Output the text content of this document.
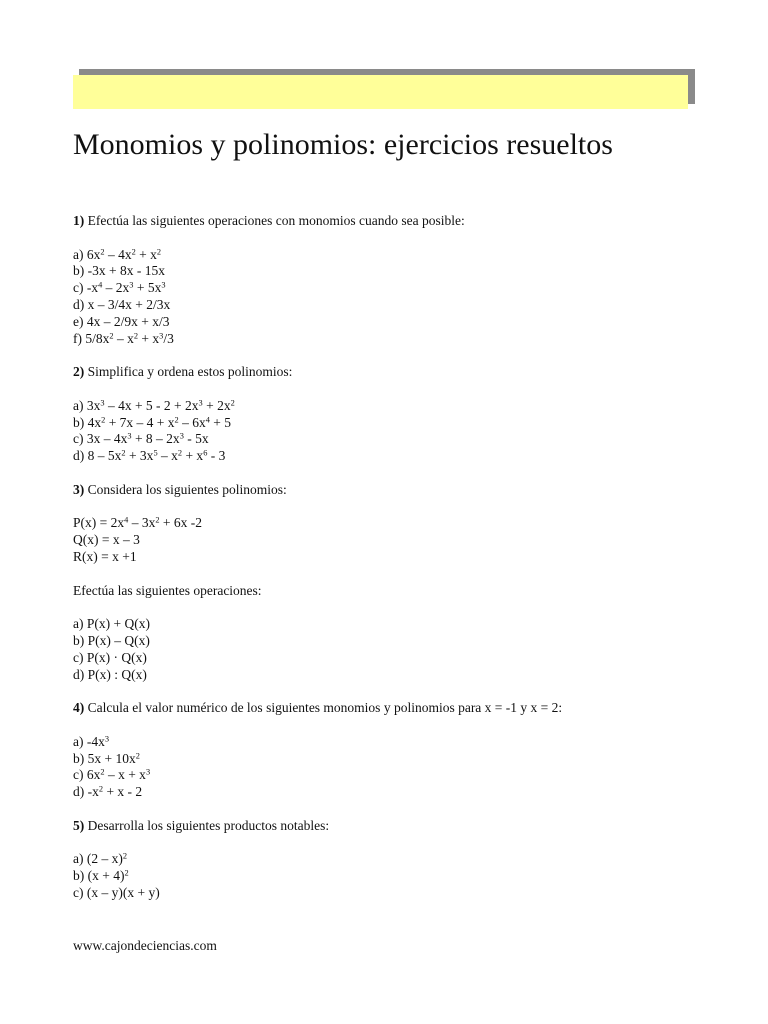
Monomios y polinomios: ejercicios resueltos
1) Efectúa las siguientes operaciones con monomios cuando sea posible:
a) $6x^2 - 4x^2 + x^2$
b) -3x + 8x - 15x
c) $-x^4 - 2x^3 + 5x^3$
d) x – 3/4x + 2/3x
e) 4x – 2/9x + x/3
f) $5/8x^2 - x^2 + x^3/3$
2) Simplifica y ordena estos polinomios:
a) $3x^3 - 4x + 5 - 2 + 2x^3 + 2x^2$
b) $4x^2 + 7x - 4 + x^2 - 6x^4 + 5$
c) $3x - 4x^3 + 8 - 2x^3 - 5x$
d) $8 - 5x^2 + 3x^5 - x^2 + x^6 - 3$
3) Considera los siguientes polinomios:
$P(x) = 2x^4 - 3x^2 + 6x$ -2
Q(x) = x – 3
R(x) = x +1
Efectúa las siguientes operaciones:
a) P(x) + Q(x)
b) P(x) – Q(x)
c) P(x) · Q(x)
d) P(x) : Q(x)
4) Calcula el valor numérico de los siguientes monomios y polinomios para x = -1 y x = 2:
a) $-4x^3$
b) $5x + 10x^2$
c) $6x^2 - x + x^3$
d) $-x^2 + x - 2$
5) Desarrolla los siguientes productos notables:
a) (2 – x)$^2$
b) $(x + 4)^2$
c) (x – y)(x + y)
www.cajondeciencias.com
